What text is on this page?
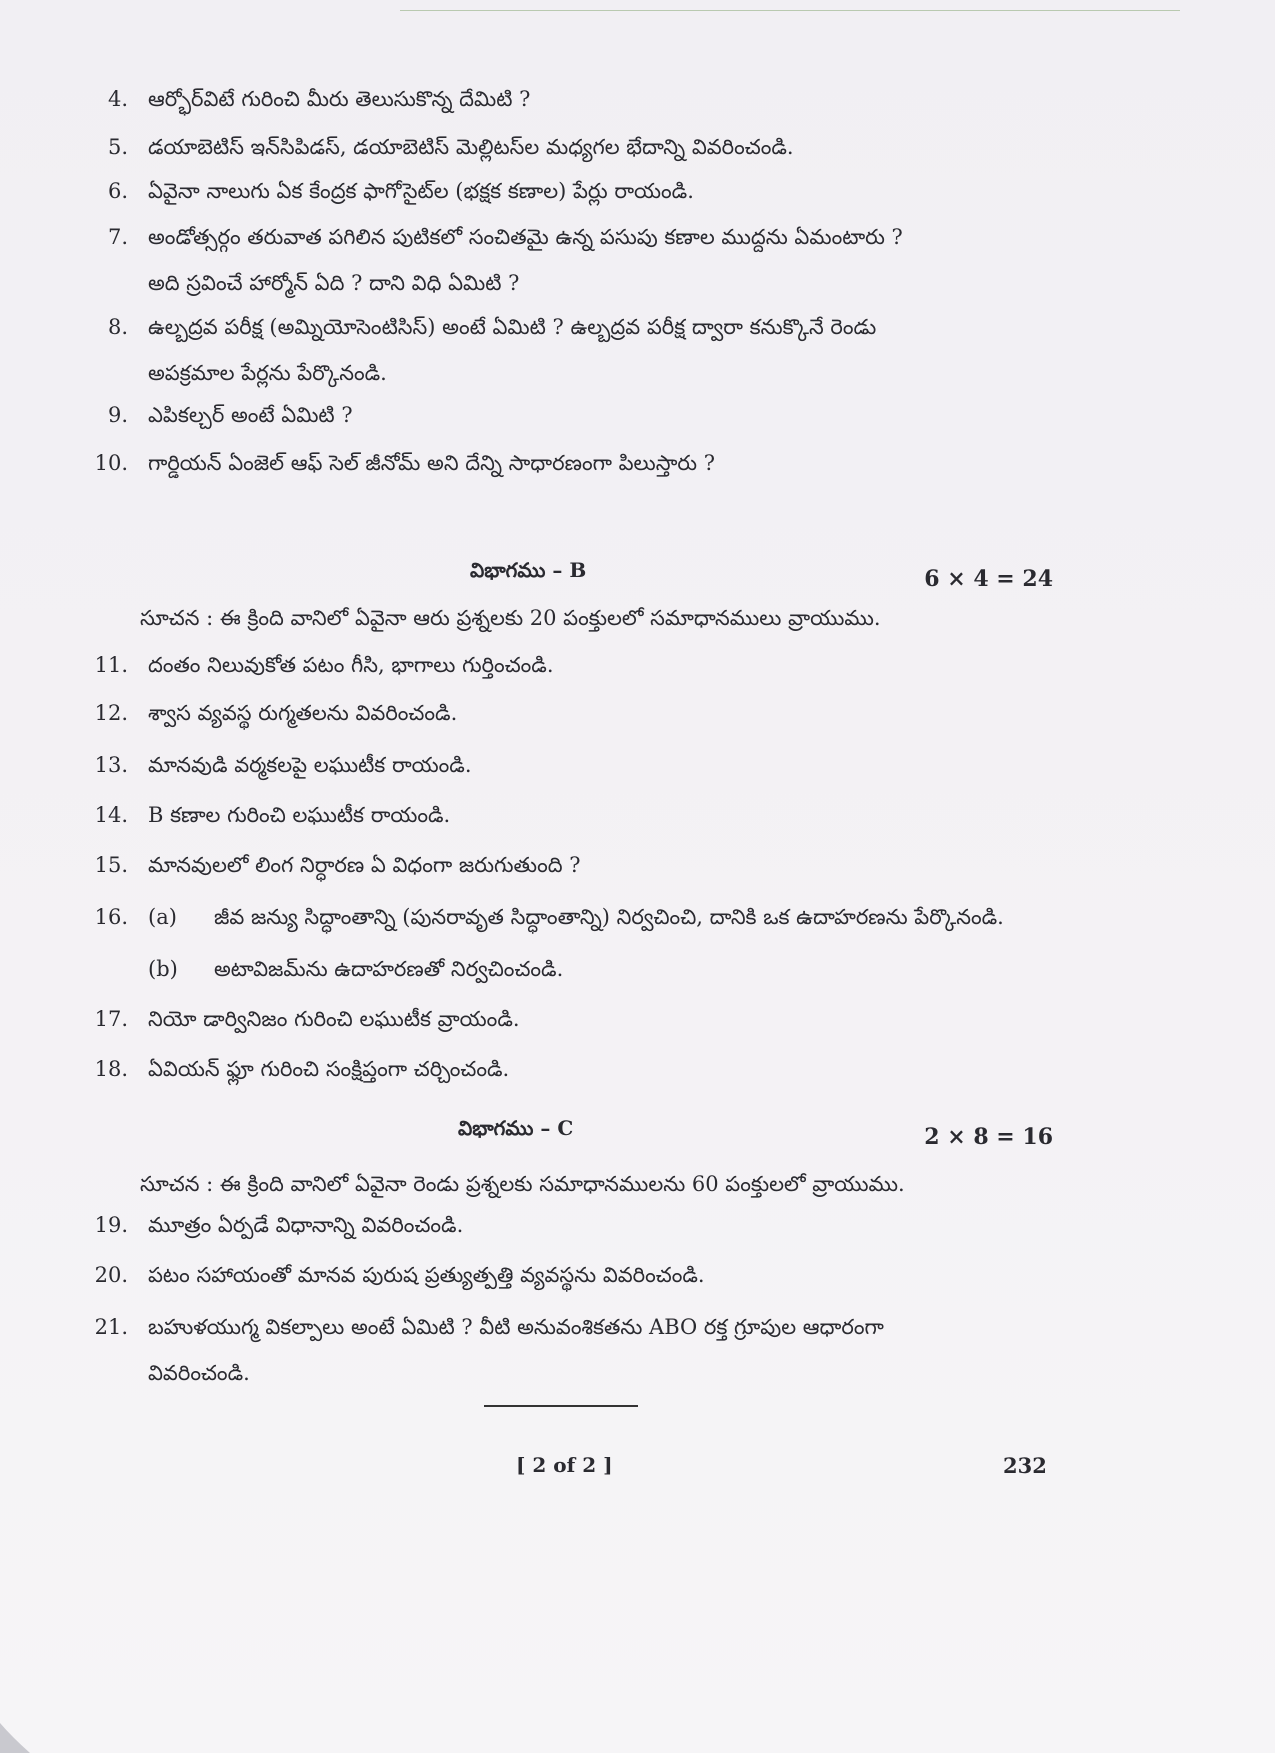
4. ఆర్భోర్‌విటే గురించి మీరు తెలుసుకొన్న దేమిటి ?
5. డయాబెటిస్ ఇన్‌సిపిడస్, డయాబెటిస్ మెల్లిటస్‌ల మధ్యగల భేదాన్ని వివరించండి.
6. ఏవైనా నాలుగు ఏక కేంద్రక ఫాగోసైట్‌ల (భక్షక కణాల) పేర్లు రాయండి.
7. అండోత్సర్గం తరువాత పగిలిన పుటికలో సంచితమై ఉన్న పసుపు కణాల ముద్దను ఏమంటారు ?
అది స్రవించే హార్మోన్ ఏది ? దాని విధి ఏమిటి ?
8. ఉల్బద్రవ పరీక్ష (అమ్నియోసెంటిసిస్) అంటే ఏమిటి ? ఉల్బద్రవ పరీక్ష ద్వారా కనుక్కొనే రెండు
అపక్రమాల పేర్లను పేర్కొనండి.
9. ఎపికల్చర్ అంటే ఏమిటి ?
10. గార్డియన్ ఏంజెల్ ఆఫ్ సెల్ జీనోమ్ అని దేన్ని సాధారణంగా పిలుస్తారు ?
విభాగము – B	6 × 4 = 24
సూచన : ఈ క్రింది వానిలో ఏవైనా ఆరు ప్రశ్నలకు 20 పంక్తులలో సమాధానములు వ్రాయుము.
11. దంతం నిలువుకోత పటం గీసి, భాగాలు గుర్తించండి.
12. శ్వాస వ్యవస్థ రుగ్మతలను వివరించండి.
13. మానవుడి వర్మకలపై లఘుటీక రాయండి.
14. B కణాల గురించి లఘుటీక రాయండి.
15. మానవులలో లింగ నిర్ధారణ ఏ విధంగా జరుగుతుంది ?
16. (a)	జీవ జన్యు సిద్ధాంతాన్ని (పునరావృత సిద్ధాంతాన్ని) నిర్వచించి, దానికి ఒక ఉదాహరణను పేర్కొనండి.
(b)	అటావిజమ్‌ను ఉదాహరణతో నిర్వచించండి.
17. నియో డార్వినిజం గురించి లఘుటీక వ్రాయండి.
18. ఏవియన్ ఫ్లూ గురించి సంక్షిప్తంగా చర్చించండి.
విభాగము – C	2 × 8 = 16
సూచన : ఈ క్రింది వానిలో ఏవైనా రెండు ప్రశ్నలకు సమాధానములను 60 పంక్తులలో వ్రాయుము.
19. మూత్రం ఏర్పడే విధానాన్ని వివరించండి.
20. పటం సహాయంతో మానవ పురుష ప్రత్యుత్పత్తి వ్యవస్థను వివరించండి.
21. బహుళయుగ్మ వికల్పాలు అంటే ఏమిటి ? వీటి అనువంశికతను ABO రక్త గ్రూపుల ఆధారంగా
వివరించండి.
[ 2 of 2 ]	232
